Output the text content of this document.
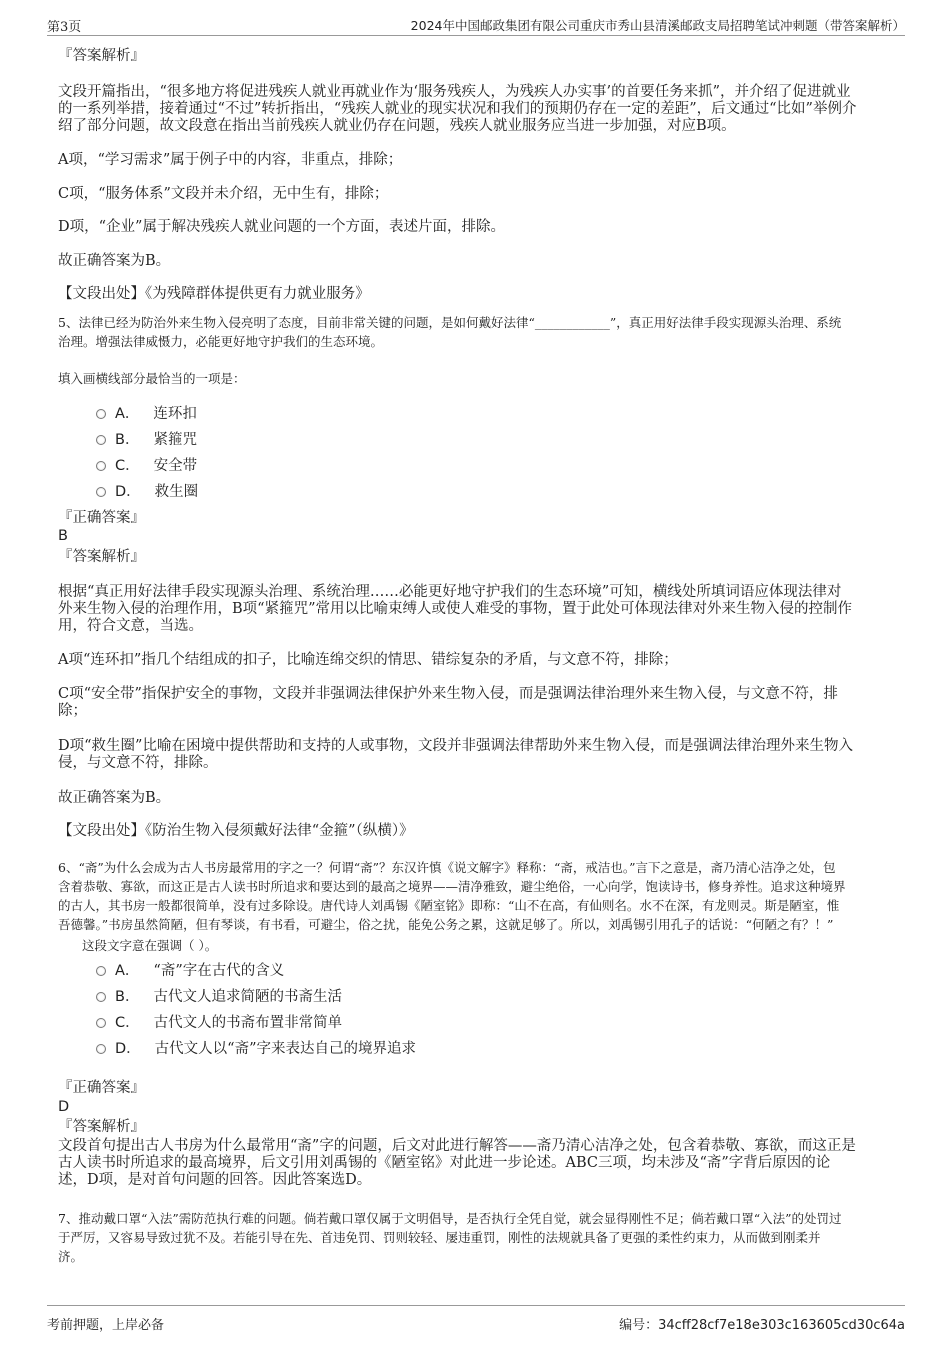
第3页	2024年中国邮政集团有限公司重庆市秀山县清溪邮政支局招聘笔试冲刺题（带答案解析）
『答案解析』
文段开篇指出，“很多地方将促进残疾人就业再就业作为‘服务残疾人，为残疾人办实事’的首要任务来抓”，并介绍了促进就业
的一系列举措，接着通过“不过”转折指出，“残疾人就业的现实状况和我们的预期仍存在一定的差距”，后文通过“比如”举例介
绍了部分问题，故文段意在指出当前残疾人就业仍存在问题，残疾人就业服务应当进一步加强，对应B项。
A项，“学习需求”属于例子中的内容，非重点，排除；
C项，“服务体系”文段并未介绍，无中生有，排除；
D项，“企业”属于解决残疾人就业问题的一个方面，表述片面，排除。
故正确答案为B。
【文段出处】《为残障群体提供更有力就业服务》
5、法律已经为防治外来生物入侵亮明了态度，目前非常关键的问题，是如何戴好法律“____________”，真正用好法律手段实现源头治理、系统
治理。增强法律威慑力，必能更好地守护我们的生态环境。
填入画横线部分最恰当的一项是：
A． 连环扣
B． 紧箍咒
C． 安全带
D． 救生圈
『正确答案』
B
『答案解析』
根据“真正用好法律手段实现源头治理、系统治理……必能更好地守护我们的生态环境”可知，横线处所填词语应体现法律对
外来生物入侵的治理作用，B项“紧箍咒”常用以比喻束缚人或使人难受的事物，置于此处可体现法律对外来生物入侵的控制作
用，符合文意，当选。
A项“连环扣”指几个结组成的扣子，比喻连绵交织的情思、错综复杂的矛盾，与文意不符，排除；
C项“安全带”指保护安全的事物，文段并非强调法律保护外来生物入侵，而是强调法律治理外来生物入侵，与文意不符，排
除；
D项“救生圈”比喻在困境中提供帮助和支持的人或事物，文段并非强调法律帮助外来生物入侵，而是强调法律治理外来生物入
侵，与文意不符，排除。
故正确答案为B。
【文段出处】《防治生物入侵须戴好法律“金箍”（纵横）》
6、“斋”为什么会成为古人书房最常用的字之一？何谓“斋”？东汉许慎《说文解字》释称：“斋，戒洁也。”言下之意是，斋乃清心洁净之处，包
含着恭敬、寡欲，而这正是古人读书时所追求和要达到的最高之境界——清净雅致，避尘绝俗，一心向学，饱读诗书，修身养性。追求这种境界
的古人，其书房一般都很简单，没有过多除设。唐代诗人刘禹锡《陋室铭》即称：“山不在高，有仙则名。水不在深，有龙则灵。斯是陋室，惟
吾德馨。”书房虽然简陋，但有琴谈，有书看，可避尘，俗之扰，能免公务之累，这就足够了。所以，刘禹锡引用孔子的话说：“何陋之有？！”
这段文字意在强调（ ）。
A． “斋”字在古代的含义
B． 古代文人追求简陋的书斋生活
C． 古代文人的书斋布置非常简单
D． 古代文人以“斋”字来表达自己的境界追求
『正确答案』
D
『答案解析』
文段首句提出古人书房为什么最常用“斋”字的问题，后文对此进行解答——斋乃清心洁净之处，包含着恭敬、寡欲，而这正是
古人读书时所追求的最高境界，后文引用刘禹锡的《陋室铭》对此进一步论述。ABC三项，均未涉及“斋”字背后原因的论
述，D项，是对首句问题的回答。因此答案选D。
7、推动戴口罩“入法”需防范执行难的问题。倘若戴口罩仅属于文明倡导，是否执行全凭自觉，就会显得刚性不足；倘若戴口罩“入法”的处罚过
于严厉，又容易导致过犹不及。若能引导在先、首违免罚、罚则较轻、屡违重罚，刚性的法规就具备了更强的柔性约束力，从而做到刚柔并
济。
考前押题，上岸必备	编号：34cff28cf7e18e303c163605cd30c64a
